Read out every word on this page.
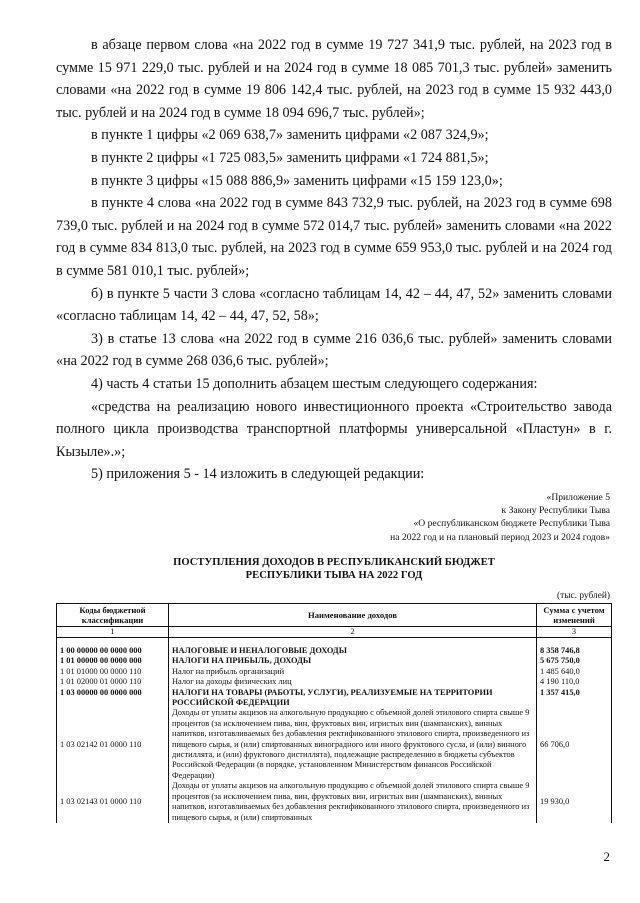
в абзаце первом слова «на 2022 год в сумме 19 727 341,9 тыс. рублей, на 2023 год в сумме 15 971 229,0 тыс. рублей и на 2024 год в сумме 18 085 701,3 тыс. рублей» заменить словами «на 2022 год в сумме 19 806 142,4 тыс. рублей, на 2023 год в сумме 15 932 443,0 тыс. рублей и на 2024 год в сумме 18 094 696,7 тыс. рублей»;

в пункте 1 цифры «2 069 638,7» заменить цифрами «2 087 324,9»;

в пункте 2 цифры «1 725 083,5» заменить цифрами «1 724 881,5»;

в пункте 3 цифры «15 088 886,9» заменить цифрами «15 159 123,0»;

в пункте 4 слова «на 2022 год в сумме 843 732,9 тыс. рублей, на 2023 год в сумме 698 739,0 тыс. рублей и на 2024 год в сумме 572 014,7 тыс. рублей» заменить словами «на 2022 год в сумме 834 813,0 тыс. рублей, на 2023 год в сумме 659 953,0 тыс. рублей и на 2024 год в сумме 581 010,1 тыс. рублей»;

б) в пункте 5 части 3 слова «согласно таблицам 14, 42 – 44, 47, 52» заменить словами «согласно таблицам 14, 42 – 44, 47, 52, 58»;

3) в статье 13 слова «на 2022 год в сумме 216 036,6 тыс. рублей» заменить словами «на 2022 год в сумме 268 036,6 тыс. рублей»;

4) часть 4 статьи 15 дополнить абзацем шестым следующего содержания:

«средства на реализацию нового инвестиционного проекта «Строительство завода полного цикла производства транспортной платформы универсальной «Пластун» в г. Кызыле».»;

5) приложения 5 - 14 изложить в следующей редакции:

«Приложение 5
к Закону Республики Тыва
«О республиканском бюджете Республики Тыва
на 2022 год и на плановый период 2023 и 2024 годов»
ПОСТУПЛЕНИЯ ДОХОДОВ В РЕСПУБЛИКАНСКИЙ БЮДЖЕТ
РЕСПУБЛИКИ ТЫВА НА 2022 ГОД
(тыс. рублей)
Коды бюджетной классификации	Наименование доходов	Сумма с учетом изменений
1	2	3

1 00 00000 00 0000 000	НАЛОГОВЫЕ И НЕНАЛОГОВЫЕ ДОХОДЫ	8 358 746,8
1 01 00000 00 0000 000	НАЛОГИ НА ПРИБЫЛЬ, ДОХОДЫ	5 675 750,0
1 01 01000 00 0000 110	Налог на прибыль организаций	1 485 640,0
1 01 02000 01 0000 110	Налог на доходы физических лиц	4 190 110,0
1 03 00000 00 0000 000	НАЛОГИ НА ТОВАРЫ (РАБОТЫ, УСЛУГИ), РЕАЛИЗУЕМЫЕ НА ТЕРРИТОРИИ РОССИЙСКОЙ ФЕДЕРАЦИИ	1 357 415,0
1 03 02142 01 0000 110	Доходы от уплаты акцизов на алкогольную продукцию с объемной долей этилового спирта свыше 9 процентов (за исключением пива, вин, фруктовых вин, игристых вин (шампанских), винных напитков, изготавливаемых без добавления ректификованного этилового спирта, произведенного из пищевого сырья, и (или) спиртованных виноградного или иного фруктового сусла, и (или) винного дистиллята, и (или) фруктового дистиллята), подлежащие распределению в бюджеты субъектов Российской Федерации (в порядке, установленном Министерством финансов Российской Федерации)	66 706,0
1 03 02143 01 0000 110	Доходы от уплаты акцизов на алкогольную продукцию с объемной долей этилового спирта свыше 9 процентов (за исключением пива, вин, фруктовых вин, игристых вин (шампанских), винных напитков, изготавливаемых без добавления ректификованного этилового спирта, произведенного из пищевого сырья, и (или) спиртованных	19 930,0
2
